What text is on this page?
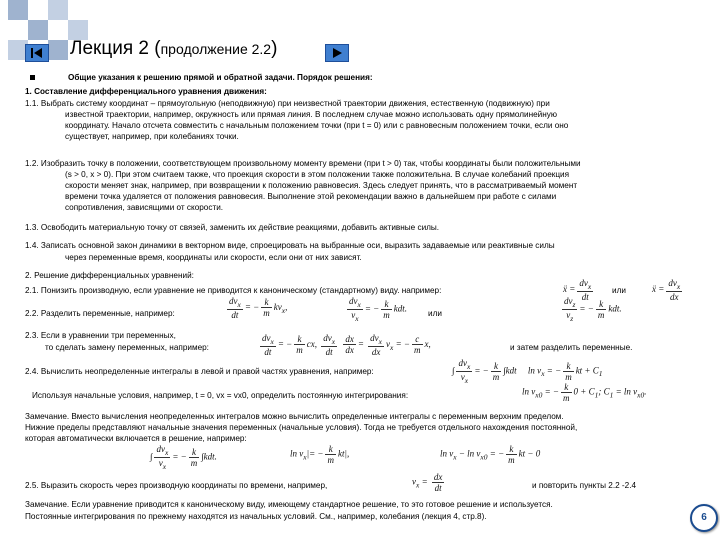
Лекция 2 (продолжение 2.2)
Общие указания к решению прямой и обратной задачи. Порядок решения:
1. Составление дифференциального уравнения движения:
1.1. Выбрать систему координат – прямоугольную (неподвижную) при неизвестной траектории движения, естественную (подвижную) при
известной траектории, например, окружность или прямая линия. В последнем случае можно использовать одну прямолинейную
координату. Начало отсчета совместить с начальным положением точки (при t = 0) или с равновесным положением точки, если оно
существует, например, при колебаниях точки.
1.2. Изобразить точку в положении, соответствующем произвольному моменту времени (при t > 0) так, чтобы координаты были положительными
(s > 0, x > 0). При этом считаем также, что проекция скорости в этом положении также положительна. В случае колебаний проекция
скорости меняет знак, например, при возвращении к положению равновесия. Здесь следует принять, что в рассматриваемый момент
времени точка удаляется от положения равновесия. Выполнение этой рекомендации важно в дальнейшем при работе с силами
сопротивления, зависящими от скорости.
1.3. Освободить материальную точку от связей, заменить их действие реакциями, добавить активные силы.
1.4. Записать основной закон динамики в векторном виде, спроецировать на выбранные оси, выразить задаваемые или реактивные силы
через переменные время, координаты или скорости, если они от них зависят.
2. Решение дифференциальных уравнений:
2.1. Понизить производную, если уравнение не приводится к каноническому (стандартному) виду. например:	ẍ = $\frac{dv_x}{dt}$ или	ẍ = $\frac{dv_x}{dx}$
2.2. Разделить переменные, например:	$\frac{dv_x}{dt}$ = − $\frac{k}{m} kv_x$,	$\frac{dv_x}{v_x}$ = − $\frac{k}{m}$ kdt.
или	$\frac{dv_z}{v_z}$ = − $\frac{k}{m}$ kdt.
2.3. Если в уравнении три переменных,
то сделать замену переменных, например:	$\frac{dv_x}{dt}$ = − $\frac{k}{m}$ cx, $\frac{dv_x}{dt}$
$\frac{dx}{dx} = \frac{dv_x}{dx} v_x$ = − $\frac{c}{m} x$,	и затем разделить переменные.
2.4. Вычислить неопределенные интегралы в левой и правой частях уравнения, например:	∫ $\frac{dv_x}{v_x}$ = − $\frac{k}{m} \int kdt$     $\ln v_x$ = − $\frac{k}{m}$ kt + $C_1$
Используя начальные условия, например, t = 0, vx = vx0, определить постоянную интегрирования:	$\ln v_{x0}$ = − $\frac{k}{m} 0 + C_1$; $C_1 = \ln v_{x0}$.
Замечание. Вместо вычисления неопределенных интегралов можно вычислить определенные интегралы с переменным верхним пределом.
Нижние пределы представляют начальные значения переменных (начальные условия). Тогда не требуется отдельного нахождения постоянной,
которая автоматически включается в решение, например:
∫ $\frac{dv_x}{v_x}$ = − $\frac{k}{m} \int kdt$.	$\ln v_x|= - \frac{k}{m} kt|$,	$\ln v_x - \ln v_{x0}$ = − $\frac{k}{m}$ kt − 0
2.5. Выразить скорость через производную координаты по времени, например,	$v_x = \frac{dx}{dt}$	и повторить пункты 2.2 -2.4
Замечание. Если уравнение приводится к каноническому виду, имеющему стандартное решение, то это готовое решение и используется.
Постоянные интегрирования по прежнему находятся из начальных условий. См., например, колебания (лекция 4, стр.8).	6
